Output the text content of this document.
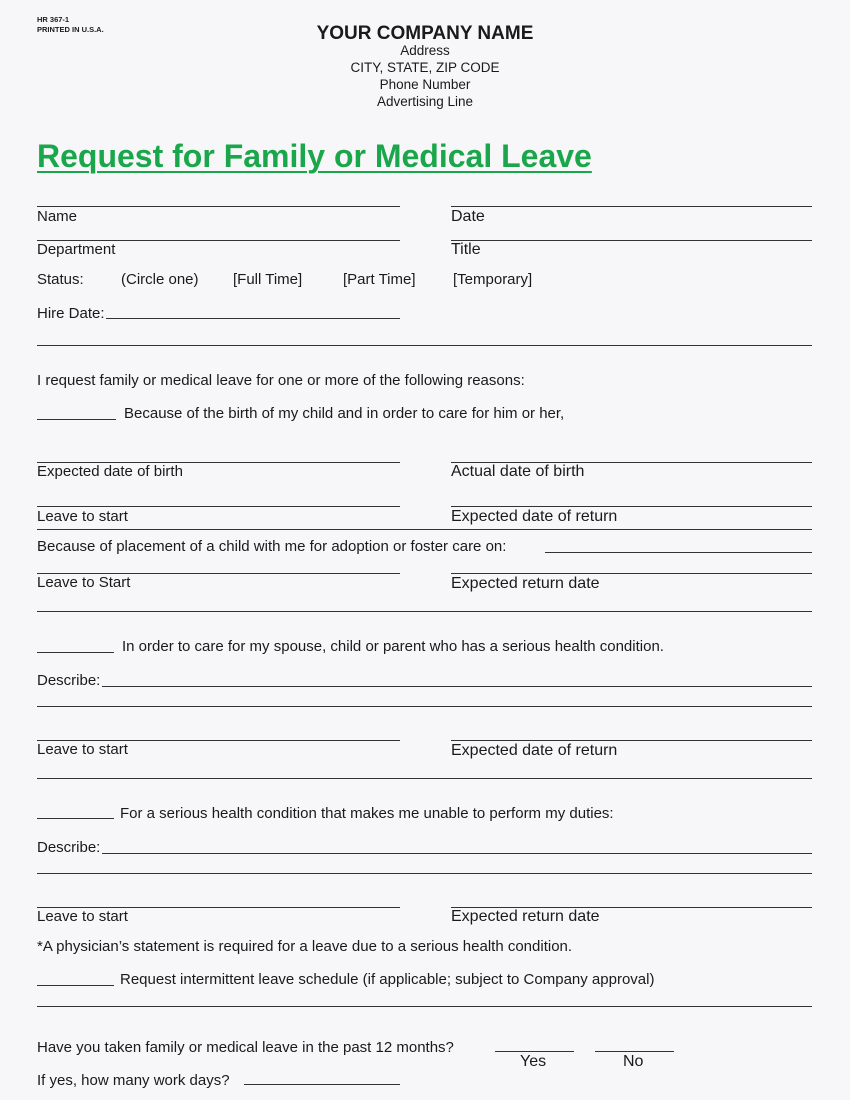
HR 367-1
PRINTED IN U.S.A.	YOUR COMPANY NAME
Address
CITY, STATE, ZIP CODE
Phone Number
Advertising Line
Request for Family or Medical Leave
Name	Date
Department	Title
Status: (Circle one) [Full Time]	[Part Time] [Temporary]
Hire Date:
I request family or medical leave for one or more of the following reasons:
Because of the birth of my child and in order to care for him or her,
Expected date of birth	Actual date of birth
Leave to start	Expected date of return
Because of placement of a child with me for adoption or foster care on:
Leave to Start	Expected return date
In order to care for my spouse, child or parent who has a serious health condition.
Describe:
Leave to start	Expected date of return
For a serious health condition that makes me unable to perform my duties:
Describe:
Leave to start	Expected return date
*A physician’s statement is required for a leave due to a serious health condition.
Request intermittent leave schedule (if applicable; subject to Company approval)
Have you taken family or medical leave in the past 12 months?
Yes	No
If yes, how many work days?
